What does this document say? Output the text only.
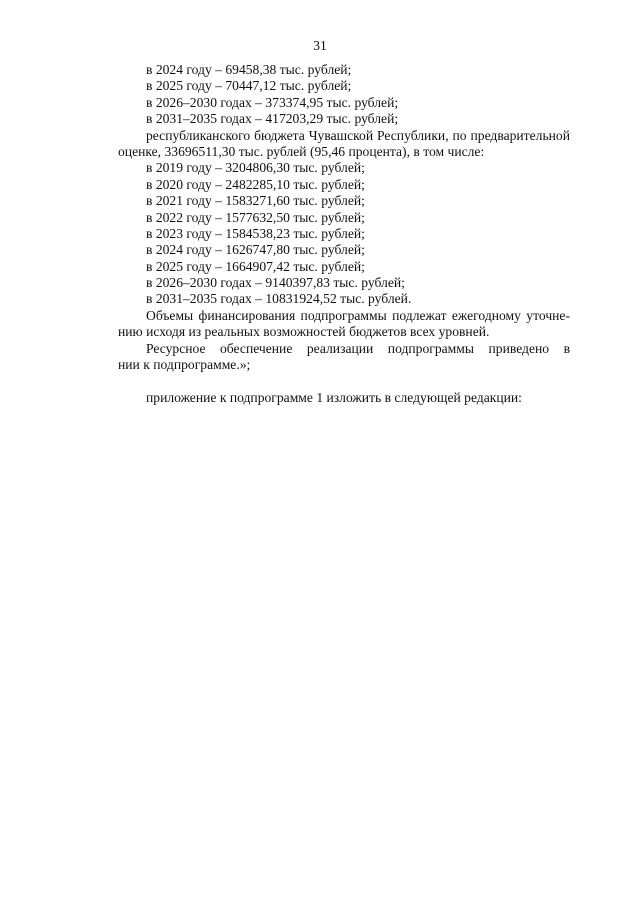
31
в 2024 году – 69458,38 тыс. рублей;
в 2025 году – 70447,12 тыс. рублей;
в 2026–2030 годах – 373374,95 тыс. рублей;
в 2031–2035 годах – 417203,29 тыс. рублей;
республиканского бюджета Чувашской Республики, по предварительной
оценке, 33696511,30 тыс. рублей (95,46 процента), в том числе:
в 2019 году – 3204806,30 тыс. рублей;
в 2020 году – 2482285,10 тыс. рублей;
в 2021 году – 1583271,60 тыс. рублей;
в 2022 году – 1577632,50 тыс. рублей;
в 2023 году – 1584538,23 тыс. рублей;
в 2024 году – 1626747,80 тыс. рублей;
в 2025 году – 1664907,42 тыс. рублей;
в 2026–2030 годах – 9140397,83 тыс. рублей;
в 2031–2035 годах – 10831924,52 тыс. рублей.
Объемы финансирования подпрограммы подлежат ежегодному уточне-
нию исходя из реальных возможностей бюджетов всех уровней.
Ресурсное обеспечение реализации подпрограммы приведено в
нии к подпрограмме.»;
приложение к подпрограмме 1 изложить в следующей редакции:
